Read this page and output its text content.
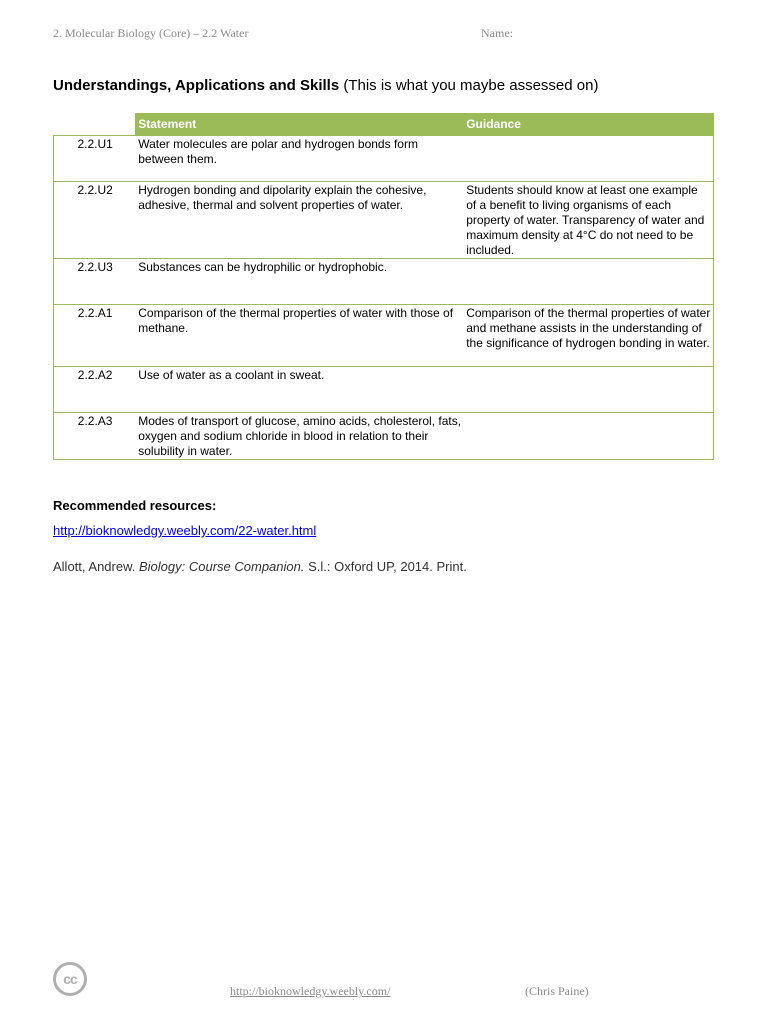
2. Molecular Biology (Core) – 2.2 Water	Name:
Understandings, Applications and Skills (This is what you maybe assessed on)
	Statement	Guidance
2.2.U1	Water molecules are polar and hydrogen bonds form between them.	
2.2.U2	Hydrogen bonding and dipolarity explain the cohesive, adhesive, thermal and solvent properties of water.	Students should know at least one example of a benefit to living organisms of each property of water. Transparency of water and maximum density at 4°C do not need to be included.
2.2.U3	Substances can be hydrophilic or hydrophobic.	
2.2.A1	Comparison of the thermal properties of water with those of methane.	Comparison of the thermal properties of water and methane assists in the understanding of the significance of hydrogen bonding in water.
2.2.A2	Use of water as a coolant in sweat.	
2.2.A3	Modes of transport of glucose, amino acids, cholesterol, fats, oxygen and sodium chloride in blood in relation to their solubility in water.	
Recommended resources:
http://bioknowledgy.weebly.com/22-water.html
Allott, Andrew. Biology: Course Companion. S.l.: Oxford UP, 2014. Print.
cc
http://bioknowledgy.weebly.com/	(Chris Paine)
